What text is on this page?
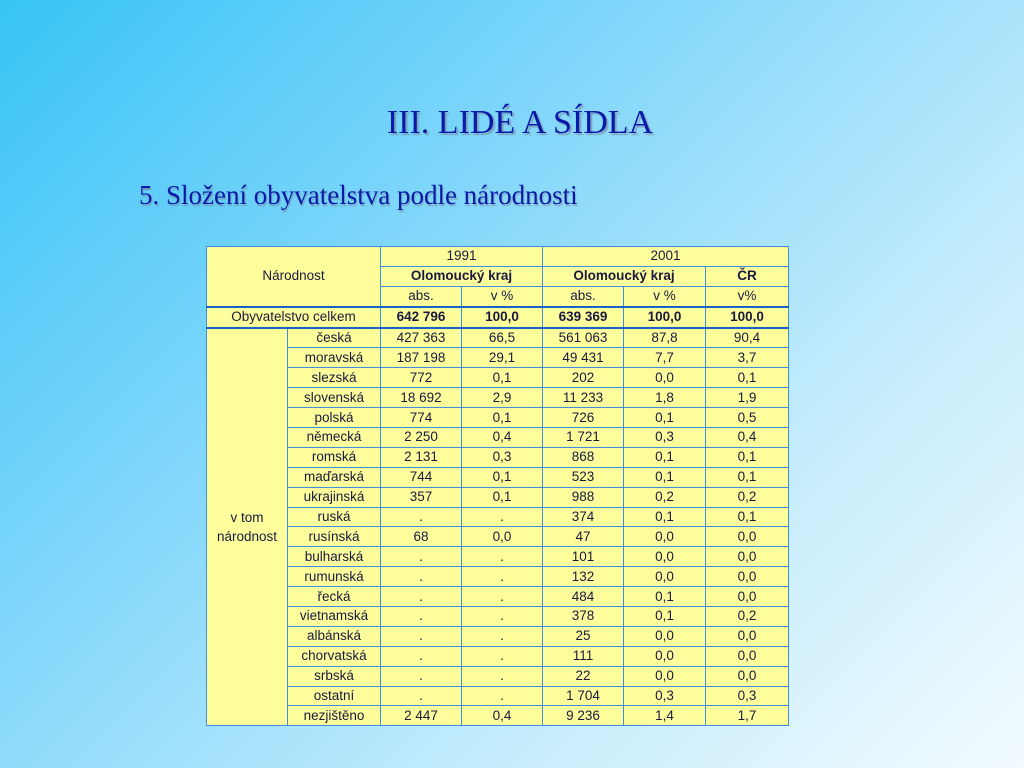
III. LIDÉ A SÍDLA
5. Složení obyvatelstva podle národnosti
Národnost		1991		2001		
		Olomoucký kraj		Olomoucký kraj		ČR
		abs.	v %	abs.	v %	v%
Obyvatelstvo celkem		642 796	100,0	639 369	100,0	100,0

v tom
národnost	česká	427 363	66,5	561 063	87,8	90,4
	moravská	187 198	29,1	49 431	7,7	3,7
	slezská	772	0,1	202	0,0	0,1
	slovenská	18 692	2,9	11 233	1,8	1,9
	polská	774	0,1	726	0,1	0,5
	německá	2 250	0,4	1 721	0,3	0,4
	romská	2 131	0,3	868	0,1	0,1
	maďarská	744	0,1	523	0,1	0,1
	ukrajinská	357	0,1	988	0,2	0,2
	ruská	.	.	374	0,1	0,1
	rusínská	68	0,0	47	0,0	0,0
	bulharská	.	.	101	0,0	0,0
	rumunská	.	.	132	0,0	0,0
	řecká	.	.	484	0,1	0,0
	vietnamská	.	.	378	0,1	0,2
	albánská	.	.	25	0,0	0,0
	chorvatská	.	.	111	0,0	0,0
	srbská	.	.	22	0,0	0,0
	ostatní	.	.	1 704	0,3	0,3
	nezjištěno	2 447	0,4	9 236	1,4	1,7
